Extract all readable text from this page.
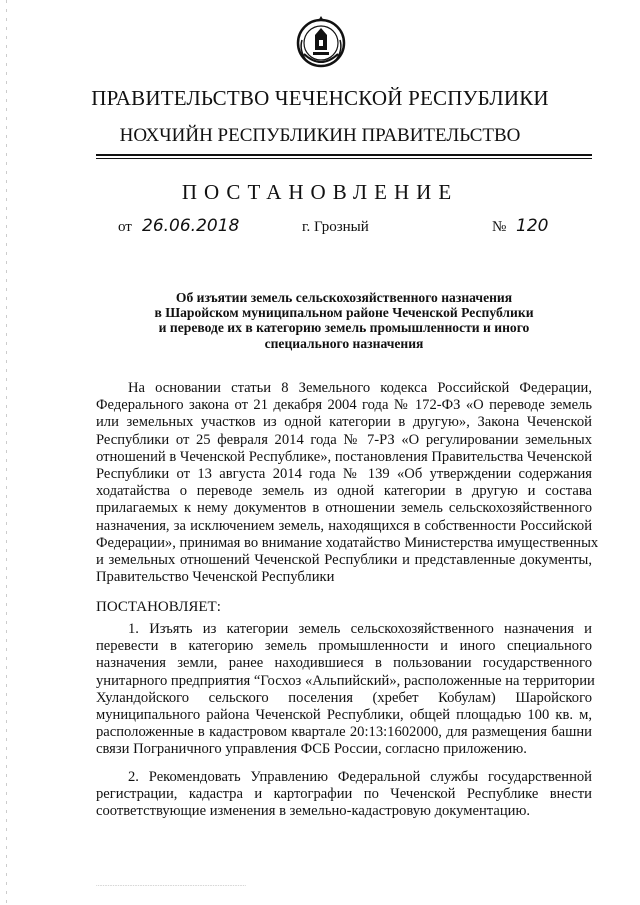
ПРАВИТЕЛЬСТВО ЧЕЧЕНСКОЙ РЕСПУБЛИКИ
НОХЧИЙН РЕСПУБЛИКИН ПРАВИТЕЛЬСТВО
ПОСТАНОВЛЕНИЕ
от 26.06.2018	г. Грозный	№ 120
Об изъятии земель сельскохозяйственного назначения
в Шаройском муниципальном районе Чеченской Республики
и переводе их в категорию земель промышленности и иного
специального назначения
На основании статьи 8 Земельного кодекса Российской Федерации,
Федерального закона от 21 декабря 2004 года № 172-ФЗ «О переводе земель
или земельных участков из одной категории в другую», Закона Чеченской
Республики от 25 февраля 2014 года № 7-РЗ «О регулировании земельных
отношений в Чеченской Республике», постановления Правительства Чеченской
Республики от 13 августа 2014 года № 139 «Об утверждении содержания
ходатайства о переводе земель из одной категории в другую и состава
прилагаемых к нему документов в отношении земель сельскохозяйственного
назначения, за исключением земель, находящихся в собственности Российской
Федерации», принимая во внимание ходатайство Министерства имущественных
и земельных отношений Чеченской Республики и представленные документы,
Правительство Чеченской Республики
ПОСТАНОВЛЯЕТ:
1. Изъять из категории земель сельскохозяйственного назначения и
перевести в категорию земель промышленности и иного специального
назначения земли, ранее находившиеся в пользовании государственного
унитарного предприятия “Госхоз «Альпийский», расположенные на территории
Хуландойского сельского поселения (хребет Кобулам) Шаройского
муниципального района Чеченской Республики, общей площадью 100 кв. м,
расположенные в кадастровом квартале 20:13:1602000, для размещения башни
связи Пограничного управления ФСБ России, согласно приложению.
2. Рекомендовать Управлению Федеральной службы государственной
регистрации, кадастра и картографии по Чеченской Республике внести
соответствующие изменения в земельно-кадастровую документацию.
………………………………………………………………………………
